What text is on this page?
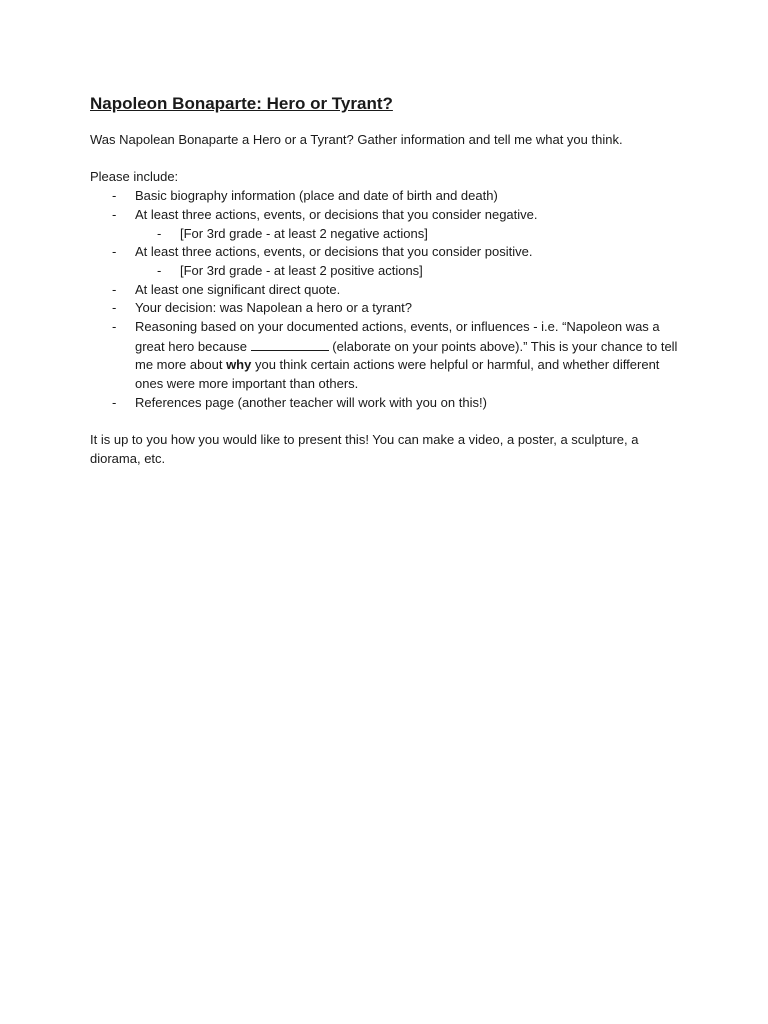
Napoleon Bonaparte: Hero or Tyrant?

Was Napolean Bonaparte a Hero or a Tyrant? Gather information and tell me what you think.

Please include:

- Basic biography information (place and date of birth and death)
- At least three actions, events, or decisions that you consider negative.
- [For 3rd grade - at least 2 negative actions]
- At least three actions, events, or decisions that you consider positive.
- [For 3rd grade - at least 2 positive actions]
- At least one significant direct quote.
- Your decision: was Napolean a hero or a tyrant?
- Reasoning based on your documented actions, events, or influences - i.e. “Napoleon was a great hero because	(elaborate on your points above).” This is your chance to tell me more about why you think certain actions were helpful or harmful, and whether different ones were more important than others.
- References page (another teacher will work with you on this!)

It is up to you how you would like to present this! You can make a video, a poster, a sculpture, a diorama, etc.
